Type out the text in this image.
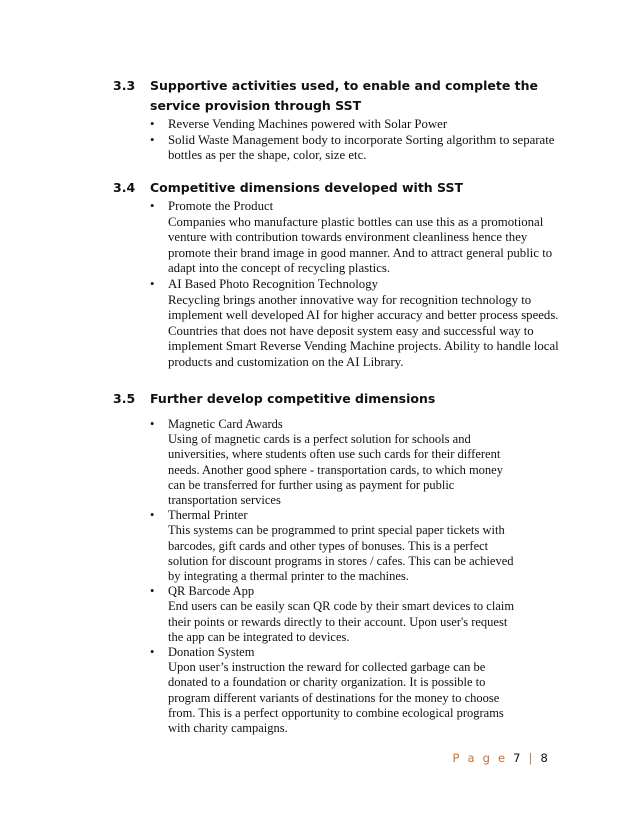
3.3	Supportive activities used, to enable and complete the service provision through SST
• Reverse Vending Machines powered with Solar Power
• Solid Waste Management body to incorporate Sorting algorithm to separate bottles as per the shape, color, size etc.
3.4	Competitive dimensions developed with SST
• Promote the Product
Companies who manufacture plastic bottles can use this as a promotional venture with contribution towards environment cleanliness hence they promote their brand image in good manner. And to attract general public to adapt into the concept of recycling plastics.
• AI Based Photo Recognition Technology
Recycling brings another innovative way for recognition technology to implement well developed AI for higher accuracy and better process speeds. Countries that does not have deposit system easy and successful way to implement Smart Reverse Vending Machine projects. Ability to handle local products and customization on the AI Library.
3.5	Further develop competitive dimensions
• Magnetic Card Awards
Using of magnetic cards is a perfect solution for schools and universities, where students often use such cards for their different needs. Another good sphere - transportation cards, to which money can be transferred for further using as payment for public transportation services
• Thermal Printer
This systems can be programmed to print special paper tickets with barcodes, gift cards and other types of bonuses. This is a perfect solution for discount programs in stores / cafes. This can be achieved by integrating a thermal printer to the machines.
• QR Barcode App
End users can be easily scan QR code by their smart devices to claim their points or rewards directly to their account. Upon user's request the app can be integrated to devices.
• Donation System
Upon user’s instruction the reward for collected garbage can be donated to a foundation or charity organization. It is possible to program different variants of destinations for the money to choose from. This is a perfect opportunity to combine ecological programs with charity campaigns.
P a g e 7 | 8
